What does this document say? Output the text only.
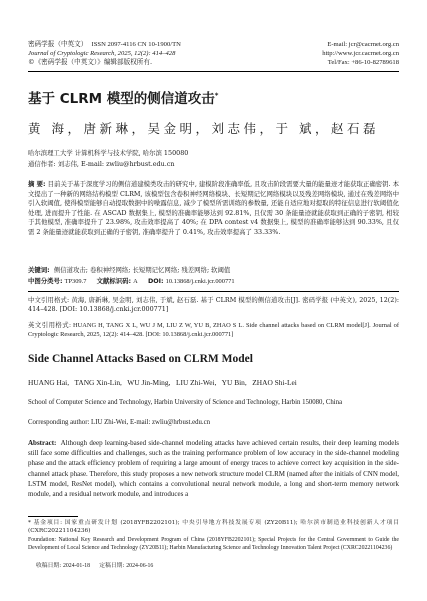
密码学报（中英文） ISSN 2097-4116 CN 10-1900/TN
Journal of Cryptologic Research, 2025, 12(2): 414–428
©《密码学报（中英文）》编辑部版权所有.
E-mail: jcr@cacrnet.org.cn
http://www.jcr.cacrnet.org.cn
Tel/Fax: +86-10-82789618
基于 CLRM 模型的侧信道攻击*
黄 海，唐新琳，吴金明，刘志伟，于 斌，赵石磊
哈尔滨理工大学 计算机科学与技术学院, 哈尔滨 150080
通信作者: 刘志伟, E-mail: zwliu@hrbust.edu.cn
摘 要: 目前关于基于深度学习的侧信道建模类攻击的研究中, 建模阶段准确率低, 且攻击阶段需要大量的能量迹才能获取正确密钥. 本文提出了一种新的网络结构模型 CLRM, 该模型包含卷积神经网络模块、长短期记忆网络模块以及残差网络模块, 通过在残差网络中引入软阈值, 使得模型能够自动提取数据中的噪露信息, 减少了模型所需训练的参数量, 还能自适应地对提取的特征信息进行软阈值化处理, 进而提升了性能. 在 ASCAD 数据集上, 模型的准确率能够达到 92.81%, 且仅需 30 条能量迹就能获取到正确的子密钥, 相较于其他模型, 准确率提升了 23.98%, 攻击效率提高了 40%; 在 DPA contest v4 数据集上, 模型的准确率能够达到 90.33%, 且仅需 2 条能量迹就能获取到正确的子密钥, 准确率提升了 0.41%, 攻击效率提高了 33.33%.
关键词: 侧信道攻击; 卷积神经网络; 长短期记忆网络; 残差网络; 软阈值
中图分类号: TP309.7 文献标识码: A DOI: 10.13868/j.cnki.jcr.000771
中文引用格式: 黄海, 唐新琳, 吴金明, 刘志伟, 于斌, 赵石磊. 基于 CLRM 模型的侧信道攻击[J]. 密码学报 (中英文), 2025, 12(2): 414–428. [DOI: 10.13868/j.cnki.jcr.000771]
英文引用格式: HUANG H, TANG X L, WU J M, LIU Z W, YU B, ZHAO S L. Side channel attacks based on CLRM model[J]. Journal of Cryptologic Research, 2025, 12(2): 414–428. [DOI: 10.13868/j.cnki.jcr.000771]
Side Channel Attacks Based on CLRM Model
HUANG Hai,   TANG Xin-Lin,   WU Jin-Ming,   LIU Zhi-Wei,   YU Bin,   ZHAO Shi-Lei
School of Computer Science and Technology, Harbin University of Science and Technology, Harbin 150080, China
Corresponding author: LIU Zhi-Wei, E-mail: zwliu@hrbust.edu.cn
Abstract: Although deep learning-based side-channel modeling attacks have achieved certain results, their deep learning models still face some difficulties and challenges, such as the training performance problem of low accuracy in the side-channel modeling phase and the attack efficiency problem of requiring a large amount of energy traces to achieve correct key acquisition in the side-channel attack phase. Therefore, this study proposes a new network structure model CLRM (named after the initials of CNN model, LSTM model, ResNet model), which contains a convolutional neural network module, a long and short-term memory network module, and a residual network module, and introduces a
* 基金项目: 国家重点研发计划 (2018YFB2202101); 中央引导地方科技发展专项 (ZY20B11); 哈尔滨市制造业科技创新人才项目 (CXRC20221104236)
Foundation: National Key Research and Development Program of China (2018YFB2202101); Special Projects for the Central Government to Guide the Development of Local Science and Technology (ZY20B11); Harbin Manufacturing Science and Technology Innovation Talent Project (CXRC20221104236)
收稿日期: 2024-01-18 定稿日期: 2024-06-16
